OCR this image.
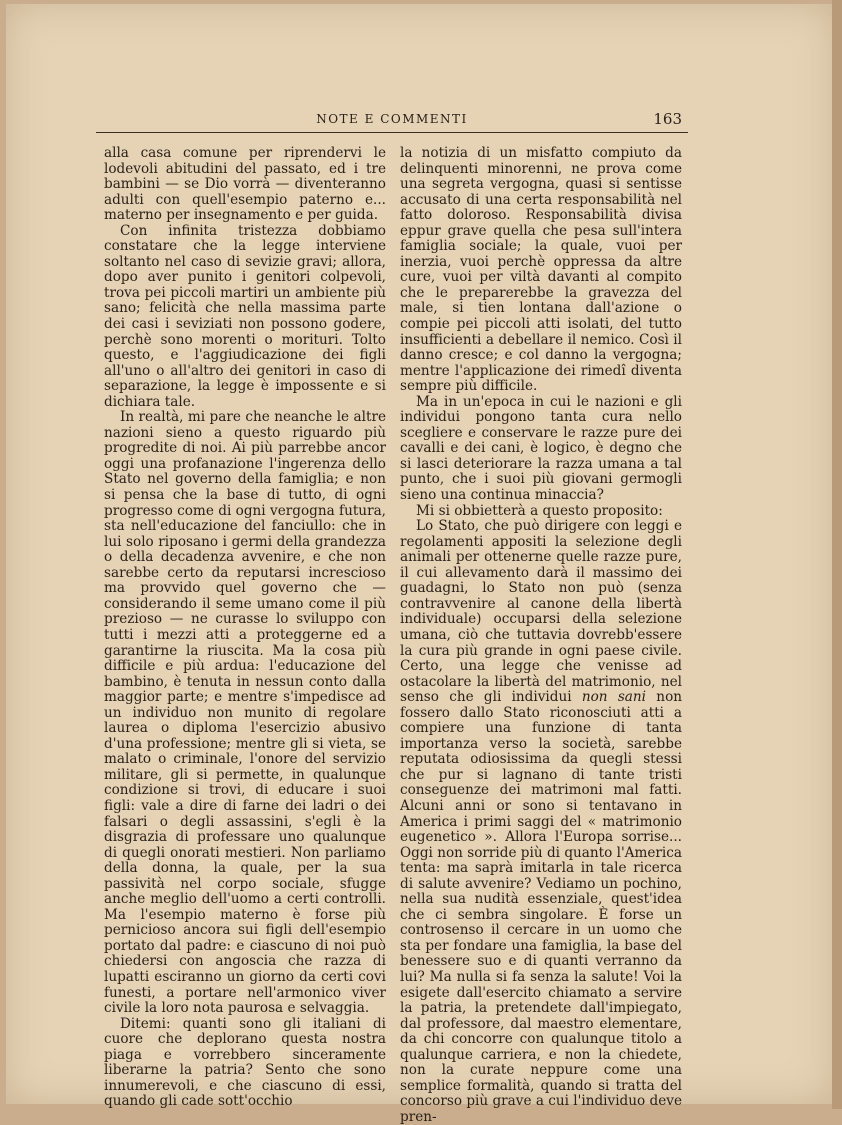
NOTE E COMMENTI	163

alla casa comune per riprendervi le lodevoli abitudini del passato, ed i tre bambini — se Dio vorrà — diventeranno adulti con quell'esempio paterno e... materno per insegnamento e per guida.

Con infinita tristezza dobbiamo constatare che la legge interviene soltanto nel caso di sevizie gravi; allora, dopo aver punito i genitori colpevoli, trova pei piccoli martiri un ambiente più sano; felicità che nella massima parte dei casi i seviziati non possono godere, perchè sono morenti o morituri. Tolto questo, e l'aggiudicazione dei figli all'uno o all'altro dei genitori in caso di separazione, la legge è impossente e si dichiara tale.

In realtà, mi pare che neanche le altre nazioni sieno a questo riguardo più progredite di noi. Ai più parrebbe ancor oggi una profanazione l'ingerenza dello Stato nel governo della famiglia; e non si pensa che la base di tutto, di ogni progresso come di ogni vergogna futura, sta nell'educazione del fanciullo: che in lui solo riposano i germi della grandezza o della decadenza avvenire, e che non sarebbe certo da reputarsi increscioso ma provvido quel governo che — considerando il seme umano come il più prezioso — ne curasse lo sviluppo con tutti i mezzi atti a proteggerne ed a garantirne la riuscita. Ma la cosa più difficile e più ardua: l'educazione del bambino, è tenuta in nessun conto dalla maggior parte; e mentre s'impedisce ad un individuo non munito di regolare laurea o diploma l'esercizio abusivo d'una professione; mentre gli si vieta, se malato o criminale, l'onore del servizio militare, gli si permette, in qualunque condizione si trovi, di educare i suoi figli: vale a dire di farne dei ladri o dei falsari o degli assassini, s'egli è la disgrazia di professare uno qualunque di quegli onorati mestieri. Non parliamo della donna, la quale, per la sua passività nel corpo sociale, sfugge anche meglio dell'uomo a certi controlli. Ma l'esempio materno è forse più pernicioso ancora sui figli dell'esempio portato dal padre: e ciascuno di noi può chiedersi con angoscia che razza di lupatti esciranno un giorno da certi covi funesti, a portare nell'armonico viver civile la loro nota paurosa e selvaggia.

Ditemi: quanti sono gli italiani di cuore che deplorano questa nostra piaga e vorrebbero sinceramente liberarne la patria? Sento che sono innumerevoli, e che ciascuno di essi, quando gli cade sott'occhio

la notizia di un misfatto compiuto da delinquenti minorenni, ne prova come una segreta vergogna, quasi si sentisse accusato di una certa responsabilità nel fatto doloroso. Responsabilità divisa eppur grave quella che pesa sull'intera famiglia sociale; la quale, vuoi per inerzia, vuoi perchè oppressa da altre cure, vuoi per viltà davanti al compito che le preparerebbe la gravezza del male, si tien lontana dall'azione o compie pei piccoli atti isolati, del tutto insufficienti a debellare il nemico. Così il danno cresce; e col danno la vergogna; mentre l'applicazione dei rimedî diventa sempre più difficile.

Ma in un'epoca in cui le nazioni e gli individui pongono tanta cura nello scegliere e conservare le razze pure dei cavalli e dei cani, è logico, è degno che si lasci deteriorare la razza umana a tal punto, che i suoi più giovani germogli sieno una continua minaccia?

Mi si obbietterà a questo proposito:

Lo Stato, che può dirigere con leggi e regolamenti appositi la selezione degli animali per ottenerne quelle razze pure, il cui allevamento darà il massimo dei guadagni, lo Stato non può (senza contravvenire al canone della libertà individuale) occuparsi della selezione umana, ciò che tuttavia dovrebb'essere la cura più grande in ogni paese civile. Certo, una legge che venisse ad ostacolare la libertà del matrimonio, nel senso che gli individui non sani non fossero dallo Stato riconosciuti atti a compiere una funzione di tanta importanza verso la società, sarebbe reputata odiosissima da quegli stessi che pur si lagnano di tante tristi conseguenze dei matrimoni mal fatti. Alcuni anni or sono si tentavano in America i primi saggi del « matrimonio eugenetico ». Allora l'Europa sorrise... Oggi non sorride più di quanto l'America tenta: ma saprà imitarla in tale ricerca di salute avvenire? Vediamo un pochino, nella sua nudità essenziale, quest'idea che ci sembra singolare. È forse un controsenso il cercare in un uomo che sta per fondare una famiglia, la base del benessere suo e di quanti verranno da lui? Ma nulla si fa senza la salute! Voi la esigete dall'esercito chiamato a servire la patria, la pretendete dall'impiegato, dal professore, dal maestro elementare, da chi concorre con qualunque titolo a qualunque carriera, e non la chiedete, non la curate neppure come una semplice formalità, quando si tratta del concorso più grave a cui l'individuo deve pren-
